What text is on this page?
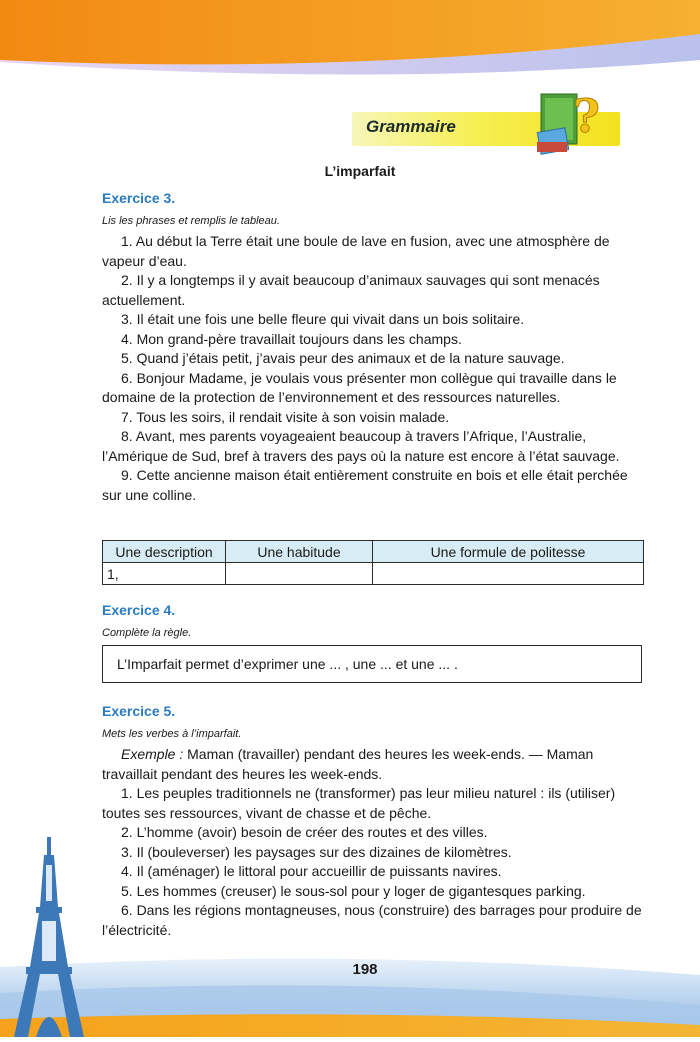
Grammaire	?
L’imparfait
Exercice 3.
Lis les phrases et remplis le tableau.

1. Au début la Terre était une boule de lave en fusion, avec une atmosphère de vapeur d’eau.

2. Il y a longtemps il y avait beaucoup d’animaux sauvages qui sont menacés actuellement.

3. Il était une fois une belle fleure qui vivait dans un bois solitaire.

4. Mon grand-père travaillait toujours dans les champs.

5. Quand j’étais petit, j’avais peur des animaux et de la nature sauvage.

6. Bonjour Madame, je voulais vous présenter mon collègue qui travaille dans le domaine de la protection de l’environnement et des ressources naturelles.

7. Tous les soirs, il rendait visite à son voisin malade.

8. Avant, mes parents voyageaient beaucoup à travers l’Afrique, l’Australie, l’Amérique de Sud, bref à travers des pays où la nature est encore à l’état sauvage.

9. Cette ancienne maison était entièrement construite en bois et elle était perchée sur une colline.

Une description	Une habitude	Une formule de politesse
1,		
Exercice 4.
Complète la règle.
L’Imparfait permet d’exprimer une ... , une ... et une ... .
Exercice 5.
Mets les verbes à l’imparfait.

Exemple : Maman (travailler) pendant des heures les week-ends. — Maman travaillait pendant des heures les week-ends.

1. Les peuples traditionnels ne (transformer) pas leur milieu naturel : ils (utiliser) toutes ses ressources, vivant de chasse et de pêche.

2. L’homme (avoir) besoin de créer des routes et des villes.

3. Il (bouleverser) les paysages sur des dizaines de kilomètres.

4. Il (aménager) le littoral pour accueillir de puissants navires.

5. Les hommes (creuser) le sous-sol pour y loger de gigantesques parking.

6. Dans les régions montagneuses, nous (construire) des barrages pour produire de l’électricité.

198
